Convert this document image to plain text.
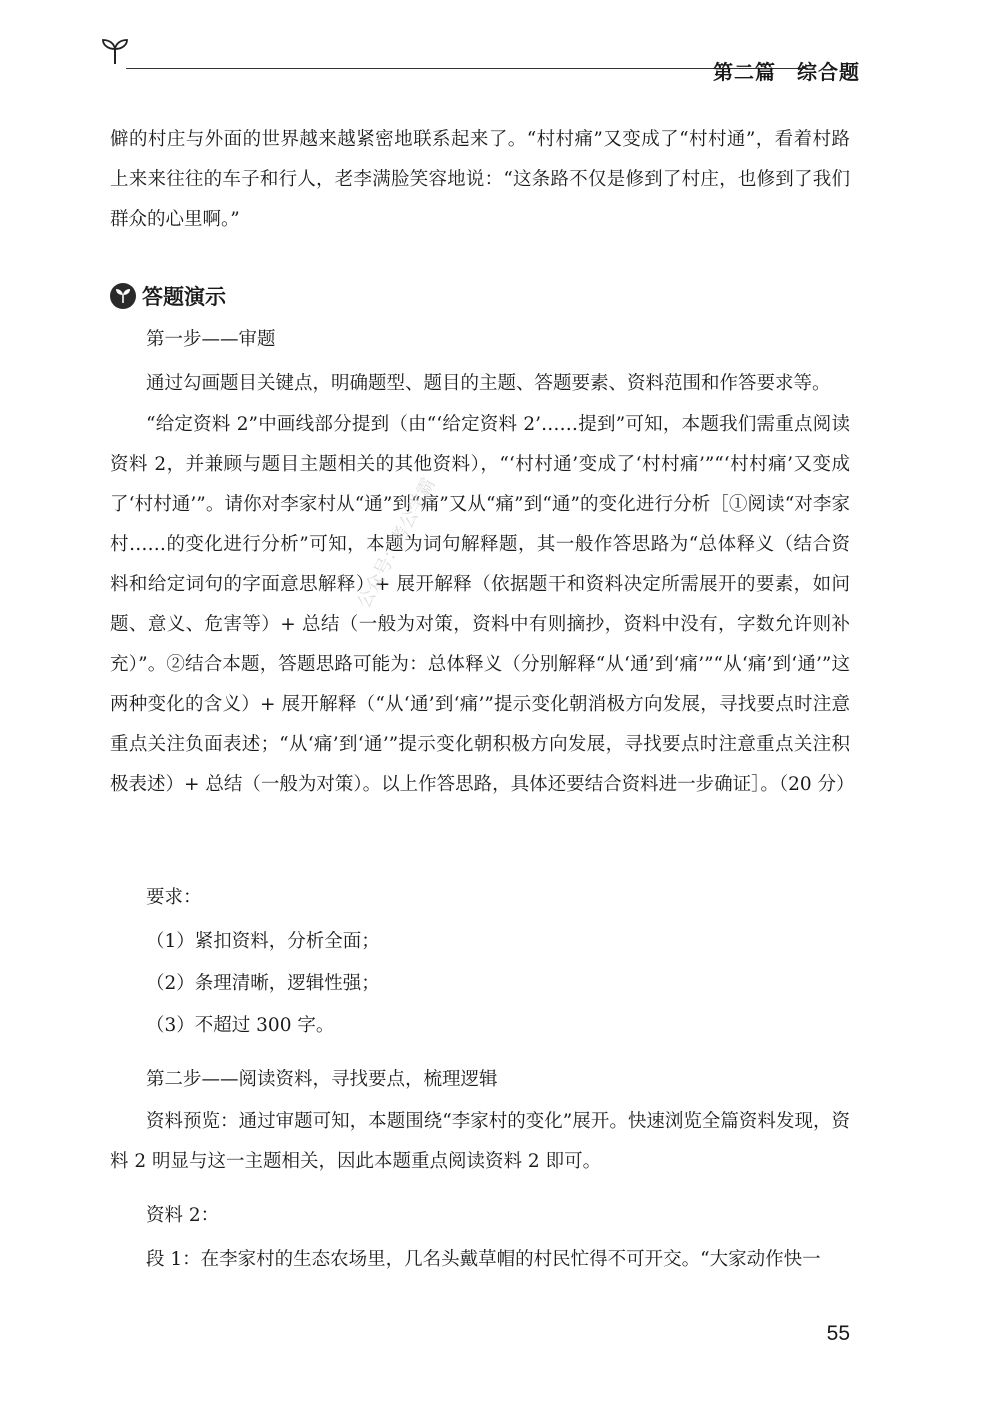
第二篇　综合题

僻的村庄与外面的世界越来越紧密地联系起来了。“村村痛”又变成了“村村通”，看着村路上来来往往的车子和行人，老李满脸笑容地说：“这条路不仅是修到了村庄，也修到了我们群众的心里啊。”

答题演示
第一步——审题

通过勾画题目关键点，明确题型、题目的主题、答题要素、资料范围和作答要求等。

“给定资料 2”中画线部分提到（由“‘给定资料 2’……提到”可知，本题我们需重点阅读资料 2，并兼顾与题目主题相关的其他资料），“‘村村通’变成了‘村村痛’”“‘村村痛’又变成了‘村村通’”。请你对李家村从“通”到“痛”又从“痛”到“通”的变化进行分析［①阅读“对李家村……的变化进行分析”可知，本题为词句解释题，其一般作答思路为“总体释义（结合资料和给定词句的字面意思解释）+ 展开解释（依据题干和资料决定所需展开的要素，如问题、意义、危害等）+ 总结（一般为对策，资料中有则摘抄，资料中没有，字数允许则补充）”。②结合本题，答题思路可能为：总体释义（分别解释“从‘通’到‘痛’”“从‘痛’到‘通’”这两种变化的含义）+ 展开解释（“从‘通’到‘痛’”提示变化朝消极方向发展，寻找要点时注意重点关注负面表述；“从‘痛’到‘通’”提示变化朝积极方向发展，寻找要点时注意重点关注积极表述）+ 总结（一般为对策）。以上作答思路，具体还要结合资料进一步确证］。（20 分）

要求：
（1）紧扣资料，分析全面；
（2）条理清晰，逻辑性强；
（3）不超过 300 字。
第二步——阅读资料，寻找要点，梳理逻辑

资料预览：通过审题可知，本题围绕“李家村的变化”展开。快速浏览全篇资料发现，资料 2 明显与这一主题相关，因此本题重点阅读资料 2 即可。

资料 2：
段 1：在李家村的生态农场里，几名头戴草帽的村民忙得不可开交。“大家动作快一
公众号：考公学霸
55
